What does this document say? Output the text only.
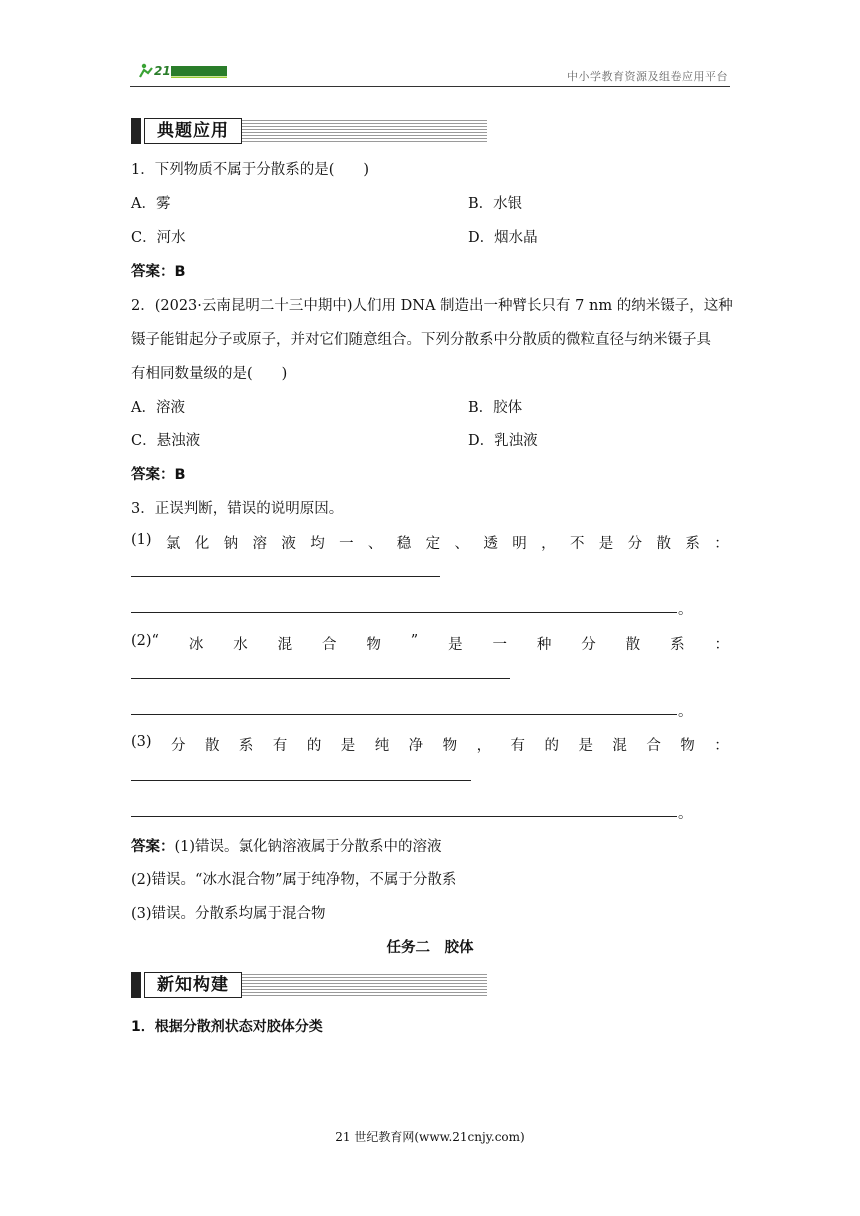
21	中小学教育资源及组卷应用平台
典题应用
1．下列物质不属于分散系的是(　　)
A．雾	B．水银
C．河水	D．烟水晶
答案：B
2．(2023·云南昆明二十三中期中)人们用 DNA 制造出一种臂长只有 7 nm 的纳米镊子，这种
镊子能钳起分子或原子，并对它们随意组合。下列分散系中分散质的微粒直径与纳米镊子具
有相同数量级的是(　　)
A．溶液	B．胶体
C．悬浊液	D．乳浊液
答案：B
3．正误判断，错误的说明原因。
(1) 氯 化 钠 溶 液 均 一 、 稳 定 、 透 明 ， 不 是 分 散 系 ：
。
(2)“ 冰 水 混 合 物 ” 是 一 种 分 散 系 ：
。
(3) 分 散 系 有 的 是 纯 净 物 ， 有 的 是 混 合 物 ：
。
答案：(1)错误。氯化钠溶液属于分散系中的溶液
(2)错误。“冰水混合物”属于纯净物，不属于分散系
(3)错误。分散系均属于混合物
任务二　胶体
新知构建
1．根据分散剂状态对胶体分类
21 世纪教育网(www.21cnjy.com)
